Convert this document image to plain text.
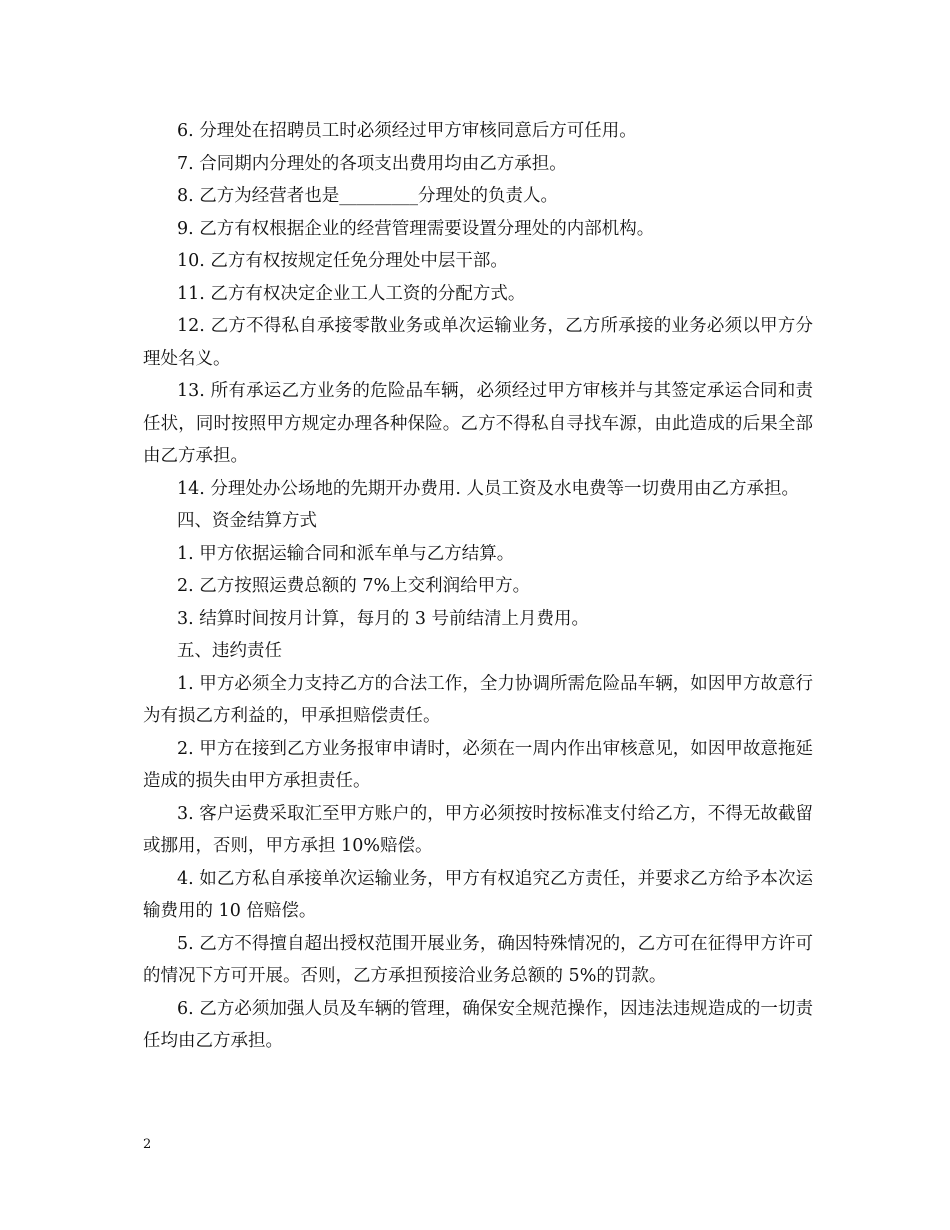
6. 分理处在招聘员工时必须经过甲方审核同意后方可任用。

7. 合同期内分理处的各项支出费用均由乙方承担。

8. 乙方为经营者也是_________分理处的负责人。

9. 乙方有权根据企业的经营管理需要设置分理处的内部机构。

10. 乙方有权按规定任免分理处中层干部。

11. 乙方有权决定企业工人工资的分配方式。

12. 乙方不得私自承接零散业务或单次运输业务，乙方所承接的业务必须以甲方分理处名义。

13. 所有承运乙方业务的危险品车辆，必须经过甲方审核并与其签定承运合同和责任状，同时按照甲方规定办理各种保险。乙方不得私自寻找车源，由此造成的后果全部由乙方承担。

14. 分理处办公场地的先期开办费用. 人员工资及水电费等一切费用由乙方承担。

四、资金结算方式

1. 甲方依据运输合同和派车单与乙方结算。

2. 乙方按照运费总额的 7%上交利润给甲方。

3. 结算时间按月计算，每月的 3 号前结清上月费用。

五、违约责任

1. 甲方必须全力支持乙方的合法工作，全力协调所需危险品车辆，如因甲方故意行为有损乙方利益的，甲承担赔偿责任。

2. 甲方在接到乙方业务报审申请时，必须在一周内作出审核意见，如因甲故意拖延造成的损失由甲方承担责任。

3. 客户运费采取汇至甲方账户的，甲方必须按时按标准支付给乙方，不得无故截留或挪用，否则，甲方承担 10%赔偿。

4. 如乙方私自承接单次运输业务，甲方有权追究乙方责任，并要求乙方给予本次运输费用的 10 倍赔偿。

5. 乙方不得擅自超出授权范围开展业务，确因特殊情况的，乙方可在征得甲方许可的情况下方可开展。否则，乙方承担预接洽业务总额的 5%的罚款。

6. 乙方必须加强人员及车辆的管理，确保安全规范操作，因违法违规造成的一切责任均由乙方承担。

2
